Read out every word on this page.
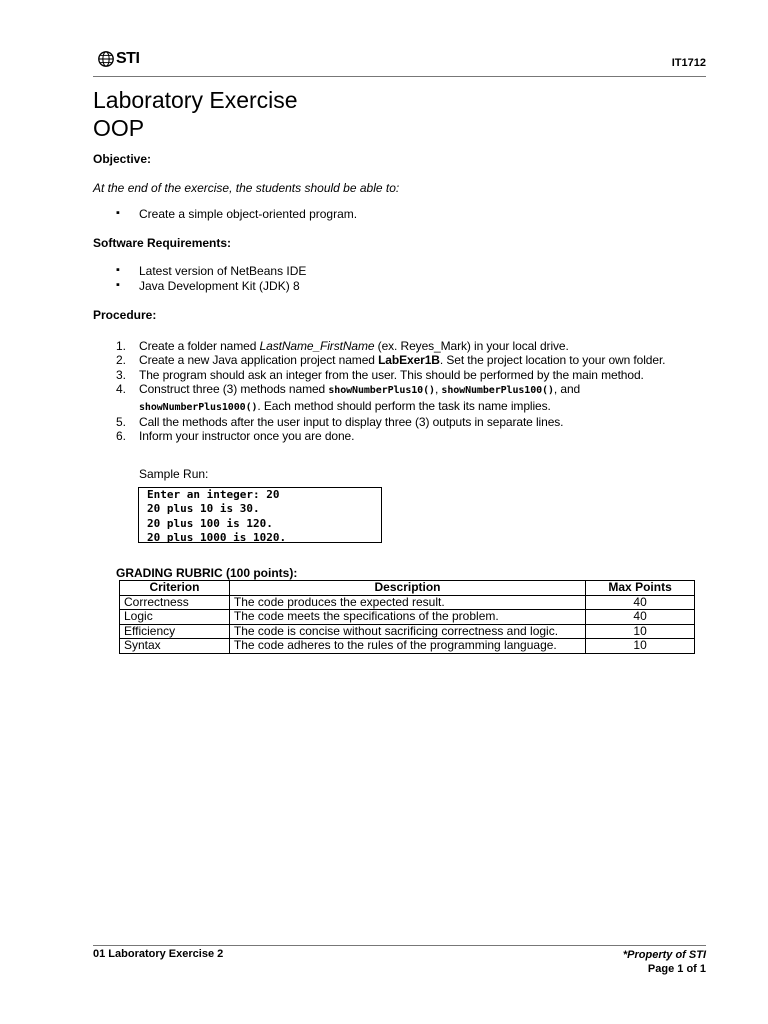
STI	IT1712
Laboratory Exercise
OOP
Objective:
At the end of the exercise, the students should be able to:
▪ Create a simple object-oriented program.
Software Requirements:
▪ Latest version of NetBeans IDE
▪ Java Development Kit (JDK) 8
Procedure:
1. Create a folder named LastName_FirstName (ex. Reyes_Mark) in your local drive.
2. Create a new Java application project named LabExer1B. Set the project location to your own folder.
3. The program should ask an integer from the user. This should be performed by the main method.
4. Construct three (3) methods named showNumberPlus10(), showNumberPlus100(), and showNumberPlus1000(). Each method should perform the task its name implies.
5. Call the methods after the user input to display three (3) outputs in separate lines.
6. Inform your instructor once you are done.
Sample Run:
Enter an integer: 20
20 plus 10 is 30.
20 plus 100 is 120.
20 plus 1000 is 1020.
GRADING RUBRIC (100 points):
Criterion	Description	Max Points
Correctness	The code produces the expected result.	40
Logic	The code meets the specifications of the problem.	40
Efficiency	The code is concise without sacrificing correctness and logic.	10
Syntax	The code adheres to the rules of the programming language.	10
01 Laboratory Exercise 2	*Property of STI
Page 1 of 1
